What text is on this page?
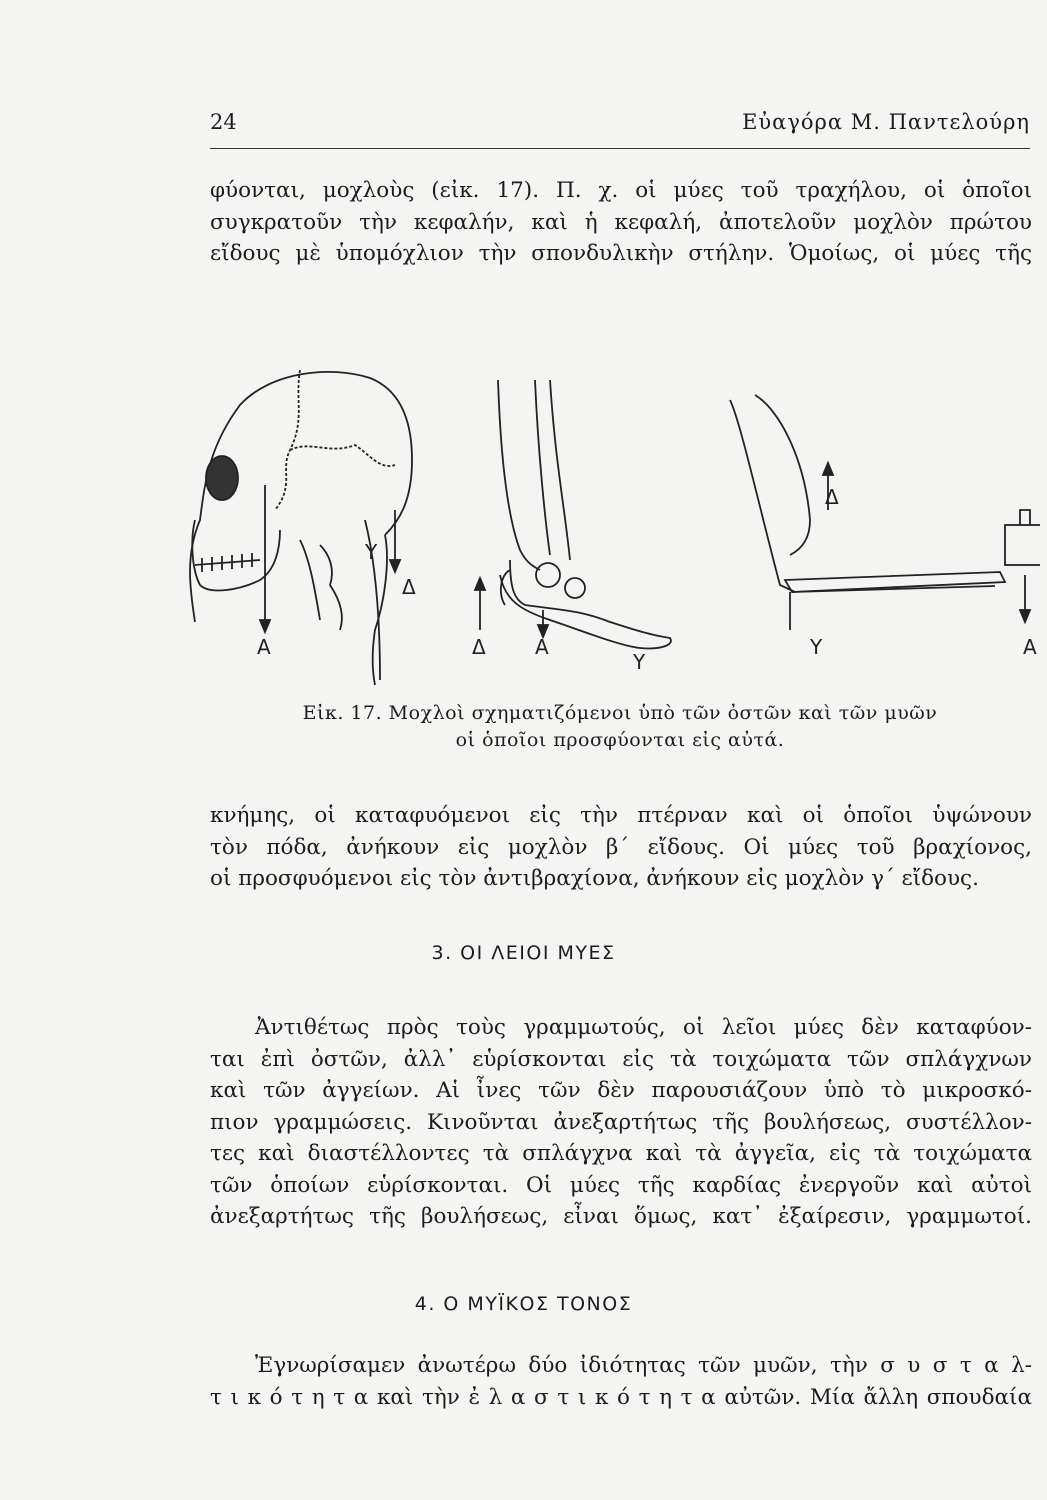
24	Εὐαγόρα Μ. Παντελούρη

φύονται, μοχλοὺς (εἰκ. 17). Π. χ. οἱ μύες τοῦ τραχήλου, οἱ ὁποῖοι
συγκρατοῦν τὴν κεφαλήν, καὶ ἡ κεφαλή, ἀποτελοῦν μοχλὸν πρώτου
εἴδους μὲ ὑπομόχλιον τὴν σπονδυλικὴν στήλην. Ὁμοίως, οἱ μύες τῆς
A
Y
Δ
Δ A
Y
Δ
Y	A
Εἰκ. 17. Μοχλοὶ σχηματιζόμενοι ὑπὸ τῶν ὀστῶν καὶ τῶν μυῶν
οἱ ὁποῖοι προσφύονται εἰς αὐτά.
κνήμης, οἱ καταφυόμενοι εἰς τὴν πτέρναν καὶ οἱ ὁποῖοι ὑψώνουν
τὸν πόδα, ἀνήκουν εἰς μοχλὸν β΄ εἴδους. Οἱ μύες τοῦ βραχίονος,
οἱ προσφυόμενοι εἰς τὸν ἀντιβραχίονα, ἀνήκουν εἰς μοχλὸν γ΄ εἴδους.
3. ΟΙ ΛΕΙΟΙ ΜΥΕΣ
Ἀντιθέτως πρὸς τοὺς γραμμωτούς, οἱ λεῖοι μύες δὲν καταφύον-
ται ἐπὶ ὀστῶν, ἀλλ᾽ εὑρίσκονται εἰς τὰ τοιχώματα τῶν σπλάγχνων
καὶ τῶν ἀγγείων. Αἱ ἶνες τῶν δὲν παρουσιάζουν ὑπὸ τὸ μικροσκό-
πιον γραμμώσεις. Κινοῦνται ἀνεξαρτήτως τῆς βουλήσεως, συστέλλον-
τες καὶ διαστέλλοντες τὰ σπλάγχνα καὶ τὰ ἀγγεῖα, εἰς τὰ τοιχώματα
τῶν ὁποίων εὑρίσκονται. Οἱ μύες τῆς καρδίας ἐνεργοῦν καὶ αὐτοὶ
ἀνεξαρτήτως τῆς βουλήσεως, εἶναι ὅμως, κατ᾽ ἐξαίρεσιν, γραμμωτοί.
4. Ο ΜΥΪΚΟΣ ΤΟΝΟΣ
Ἐγνωρίσαμεν ἀνωτέρω δύο ἰδιότητας τῶν μυῶν, τὴν σ υ σ τ α λ-
τ ι κ ό τ η τ α καὶ τὴν ἐ λ α σ τ ι κ ό τ η τ α αὐτῶν. Μία ἄλλη σπουδαία
